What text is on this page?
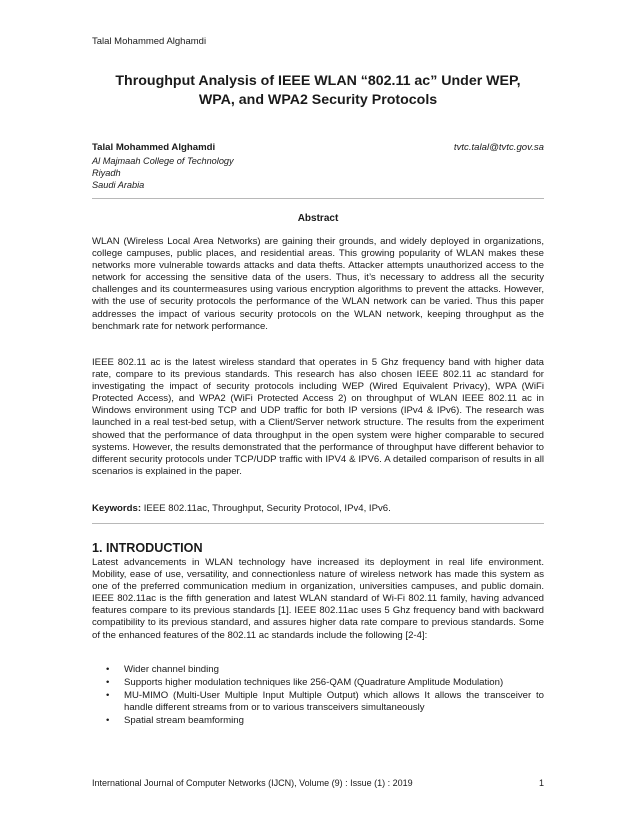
Talal Mohammed Alghamdi
Throughput Analysis of IEEE WLAN “802.11 ac” Under WEP,
WPA, and WPA2 Security Protocols
Talal Mohammed Alghamdi	tvtc.talal@tvtc.gov.sa
Al Majmaah College of Technology
Riyadh
Saudi Arabia
Abstract

WLAN (Wireless Local Area Networks) are gaining their grounds, and widely deployed in organizations, college campuses, public places, and residential areas. This growing popularity of WLAN makes these networks more vulnerable towards attacks and data thefts. Attacker attempts unauthorized access to the network for accessing the sensitive data of the users. Thus, it’s necessary to address all the security challenges and its countermeasures using various encryption algorithms to prevent the attacks. However, with the use of security protocols the performance of the WLAN network can be varied. Thus this paper addresses the impact of various security protocols on the WLAN network, keeping throughput as the benchmark rate for network performance.

IEEE 802.11 ac is the latest wireless standard that operates in 5 Ghz frequency band with higher data rate, compare to its previous standards. This research has also chosen IEEE 802.11 ac standard for investigating the impact of security protocols including WEP (Wired Equivalent Privacy), WPA (WiFi Protected Access), and WPA2 (WiFi Protected Access 2) on throughput of WLAN IEEE 802.11 ac in Windows environment using TCP and UDP traffic for both IP versions (IPv4 & IPv6). The research was launched in a real test-bed setup, with a Client/Server network structure. The results from the experiment showed that the performance of data throughput in the open system were higher comparable to secured systems. However, the results demonstrated that the performance of throughput have different behavior to different security protocols under TCP/UDP traffic with IPV4 & IPV6. A detailed comparison of results in all scenarios is explained in the paper.

Keywords: IEEE 802.11ac, Throughput, Security Protocol, IPv4, IPv6.
1. INTRODUCTION

Latest advancements in WLAN technology have increased its deployment in real life environment. Mobility, ease of use, versatility, and connectionless nature of wireless network has made this system as one of the preferred communication medium in organization, universities campuses, and public domain. IEEE 802.11ac is the fifth generation and latest WLAN standard of Wi-Fi 802.11 family, having advanced features compare to its previous standards [1]. IEEE 802.11ac uses 5 Ghz frequency band with backward compatibility to its previous standard, and assures higher data rate compare to previous standards. Some of the enhanced features of the 802.11 ac standards include the following [2-4]:

• Wider channel binding
• Supports higher modulation techniques like 256-QAM (Quadrature Amplitude Modulation)
• MU-MIMO (Multi-User Multiple Input Multiple Output) which allows It allows the transceiver to handle different streams from or to various transceivers simultaneously
• Spatial stream beamforming
International Journal of Computer Networks (IJCN), Volume (9) : Issue (1) : 2019	1
